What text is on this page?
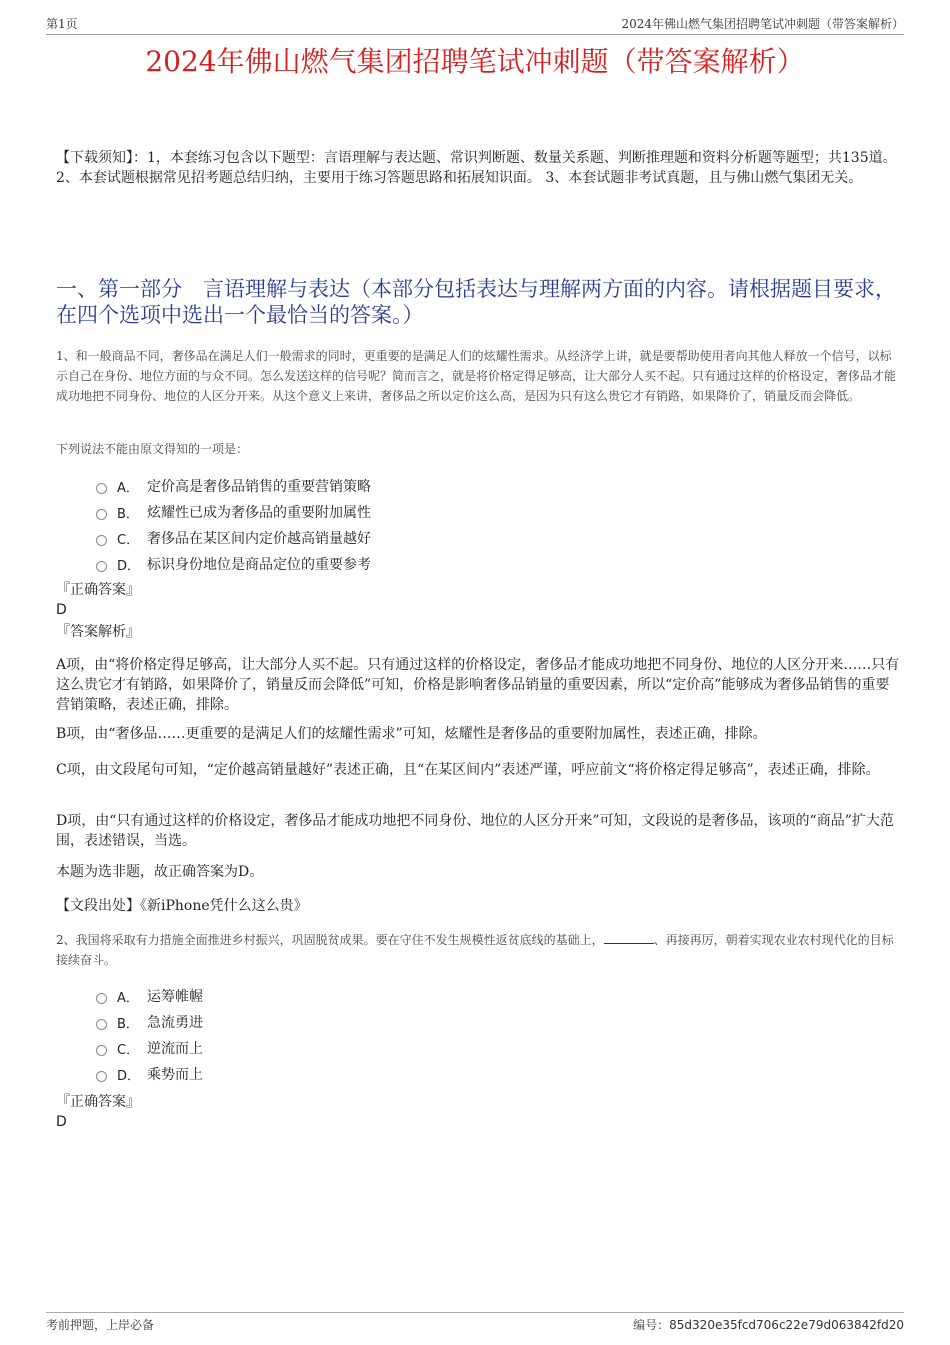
第1页	2024年佛山燃气集团招聘笔试冲刺题（带答案解析）
2024年佛山燃气集团招聘笔试冲刺题（带答案解析）
【下载须知】：1，本套练习包含以下题型：言语理解与表达题、常识判断题、数量关系题、判断推理题和资料分析题等题型；共135道。 2、本套试题根据常见招考题总结归纳，主要用于练习答题思路和拓展知识面。 3、本套试题非考试真题，且与佛山燃气集团无关。
一、第一部分　言语理解与表达（本部分包括表达与理解两方面的内容。请根据题目要求，在四个选项中选出一个最恰当的答案。）
1、和一般商品不同，奢侈品在满足人们一般需求的同时，更重要的是满足人们的炫耀性需求。从经济学上讲，就是要帮助使用者向其他人释放一个信号，以标示自己在身份、地位方面的与众不同。怎么发送这样的信号呢？简而言之，就是将价格定得足够高，让大部分人买不起。只有通过这样的价格设定，奢侈品才能成功地把不同身份、地位的人区分开来。从这个意义上来讲，奢侈品之所以定价这么高，是因为只有这么贵它才有销路，如果降价了，销量反而会降低。
下列说法不能由原文得知的一项是：
A． 定价高是奢侈品销售的重要营销策略
B． 炫耀性已成为奢侈品的重要附加属性
C． 奢侈品在某区间内定价越高销量越好
D． 标识身份地位是商品定位的重要参考
『正确答案』
D
『答案解析』
A项，由“将价格定得足够高，让大部分人买不起。只有通过这样的价格设定，奢侈品才能成功地把不同身份、地位的人区分开来……只有这么贵它才有销路，如果降价了，销量反而会降低”可知，价格是影响奢侈品销量的重要因素，所以“定价高”能够成为奢侈品销售的重要营销策略，表述正确，排除。
B项，由“奢侈品……更重要的是满足人们的炫耀性需求”可知，炫耀性是奢侈品的重要附加属性，表述正确，排除。
C项，由文段尾句可知，“定价越高销量越好”表述正确，且“在某区间内”表述严谨，呼应前文“将价格定得足够高”，表述正确，排除。
D项，由“只有通过这样的价格设定，奢侈品才能成功地把不同身份、地位的人区分开来”可知，文段说的是奢侈品，该项的“商品”扩大范围，表述错误，当选。
本题为选非题，故正确答案为D。
【文段出处】《新iPhone凭什么这么贵》
2、我国将采取有力措施全面推进乡村振兴，巩固脱贫成果。要在守住不发生规模性返贫底线的基础上，	、再接再厉，朝着实现农业农村现代化的目标接续奋斗。
A． 运筹帷幄
B． 急流勇进
C． 逆流而上
D． 乘势而上
『正确答案』
D
考前押题，上岸必备	编号：85d320e35fcd706c22e79d063842fd20
